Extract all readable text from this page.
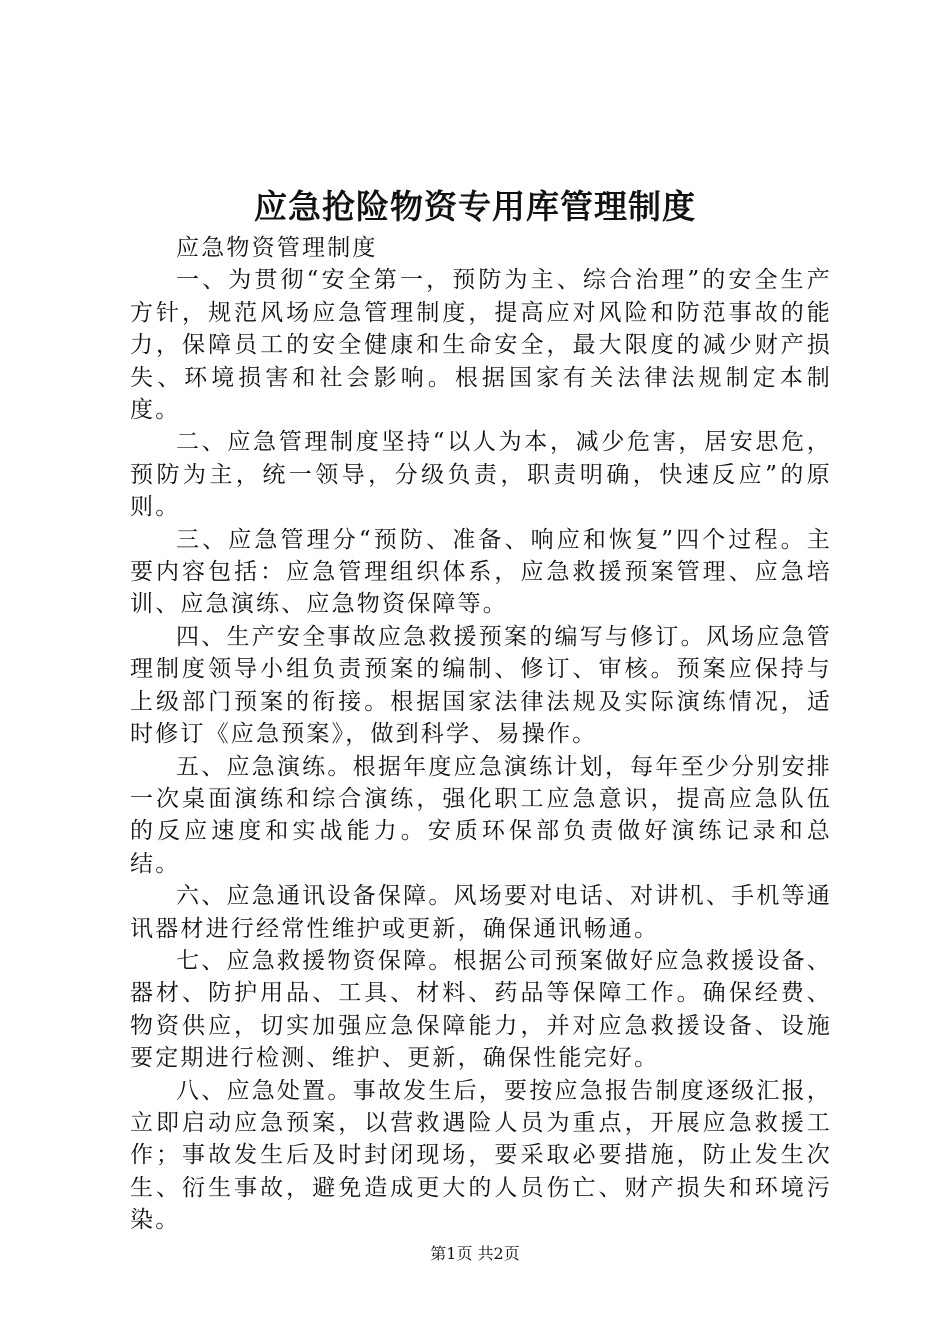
应急抢险物资专用库管理制度

应急物资管理制度

一、为贯彻“安全第一，预防为主、综合治理”的安全生产方针，规范风场应急管理制度，提高应对风险和防范事故的能力，保障员工的安全健康和生命安全，最大限度的减少财产损失、环境损害和社会影响。根据国家有关法律法规制定本制度。

二、应急管理制度坚持“以人为本，减少危害，居安思危，预防为主，统一领导，分级负责，职责明确，快速反应”的原则。

三、应急管理分“预防、准备、响应和恢复”四个过程。主要内容包括：应急管理组织体系，应急救援预案管理、应急培训、应急演练、应急物资保障等。

四、生产安全事故应急救援预案的编写与修订。风场应急管理制度领导小组负责预案的编制、修订、审核。预案应保持与上级部门预案的衔接。根据国家法律法规及实际演练情况，适时修订《应急预案》，做到科学、易操作。

五、应急演练。根据年度应急演练计划，每年至少分别安排一次桌面演练和综合演练，强化职工应急意识，提高应急队伍的反应速度和实战能力。安质环保部负责做好演练记录和总结。

六、应急通讯设备保障。风场要对电话、对讲机、手机等通讯器材进行经常性维护或更新，确保通讯畅通。

七、应急救援物资保障。根据公司预案做好应急救援设备、器材、防护用品、工具、材料、药品等保障工作。确保经费、物资供应，切实加强应急保障能力，并对应急救援设备、设施要定期进行检测、维护、更新，确保性能完好。

八、应急处置。事故发生后，要按应急报告制度逐级汇报，立即启动应急预案，以营救遇险人员为重点，开展应急救援工作；事故发生后及时封闭现场，要采取必要措施，防止发生次生、衍生事故，避免造成更大的人员伤亡、财产损失和环境污染。

第1页 共2页
